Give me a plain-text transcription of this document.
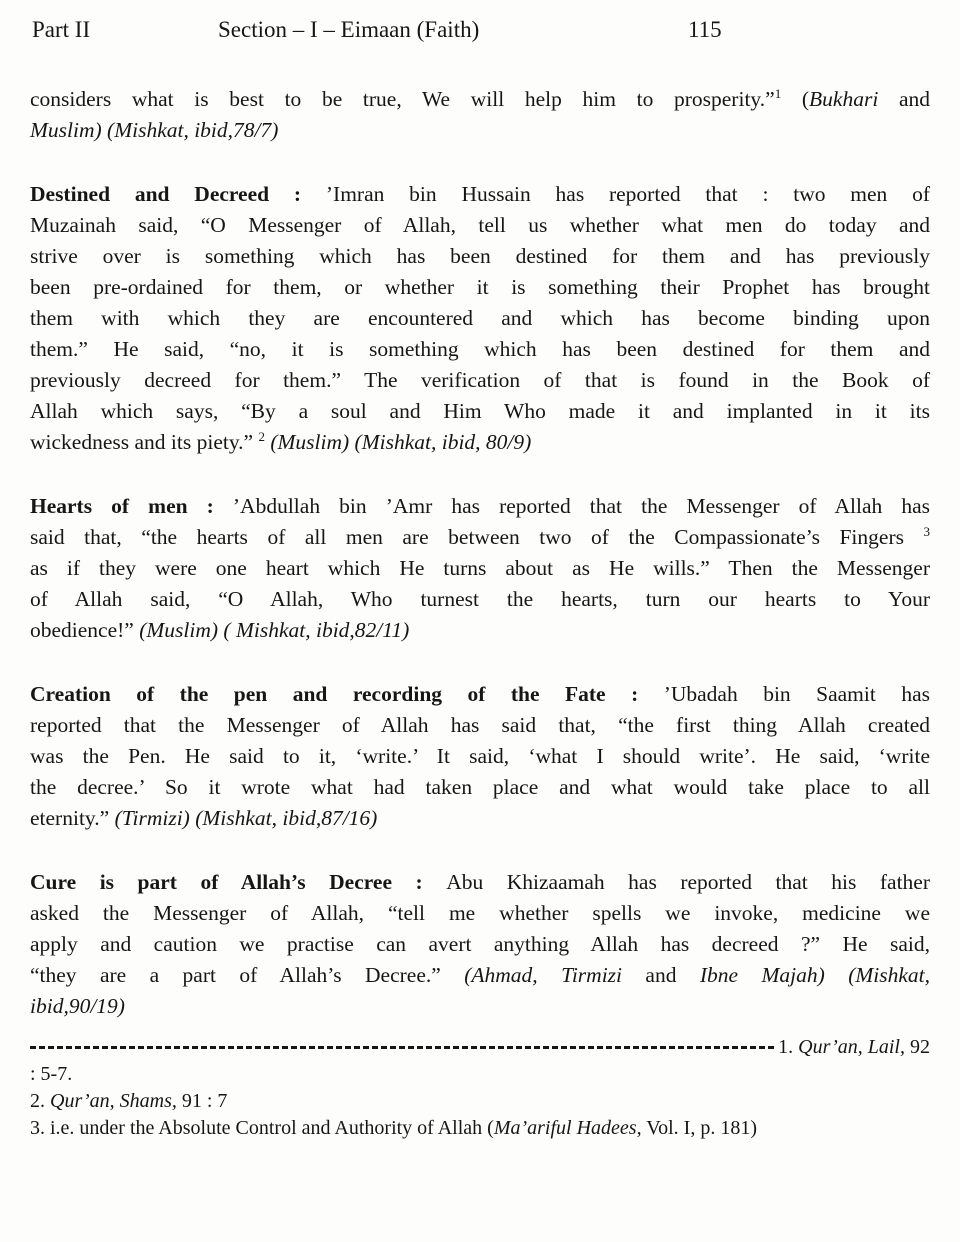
Part II	Section – I – Eimaan (Faith)	115
considers what is best to be true, We will help him to prosperity.”$^1$ (Bukhari and
Muslim) (Mishkat, ibid,78/7)
Destined and Decreed : ’Imran bin Hussain has reported that : two men of
Muzainah said, “O Messenger of Allah, tell us whether what men do today and
strive over is something which has been destined for them and has previously
been pre-ordained for them, or whether it is something their Prophet has brought
them with which they are encountered and which has become binding upon
them.” He said, “no, it is something which has been destined for them and
previously decreed for them.” The verification of that is found in the Book of
Allah which says, “By a soul and Him Who made it and implanted in it its
wickedness and its piety.” $^2$ (Muslim) (Mishkat, ibid, 80/9)
Hearts of men : ’Abdullah bin ’Amr has reported that the Messenger of Allah has
said that, “the hearts of all men are between two of the Compassionate’s Fingers $^3$
as if they were one heart which He turns about as He wills.” Then the Messenger
of Allah said, “O Allah, Who turnest the hearts, turn our hearts to Your
obedience!” (Muslim) ( Mishkat, ibid,82/11)
Creation of the pen and recording of the Fate : ’Ubadah bin Saamit has
reported that the Messenger of Allah has said that, “the first thing Allah created
was the Pen. He said to it, ‘write.’ It said, ‘what I should write’. He said, ‘write
the decree.’ So it wrote what had taken place and what would take place to all
eternity.” (Tirmizi) (Mishkat, ibid,87/16)
Cure is part of Allah’s Decree : Abu Khizaamah has reported that his father
asked the Messenger of Allah, “tell me whether spells we invoke, medicine we
apply and caution we practise can avert anything Allah has decreed ?” He said,
“they are a part of Allah’s Decree.” (Ahmad, Tirmizi and Ibne Majah) (Mishkat,
ibid,90/19)
1. Qur’an, Lail, 92
: 5-7.
2. Qur’an, Shams, 91 : 7
3. i.e. under the Absolute Control and Authority of Allah (Ma’ariful Hadees, Vol. I, p. 181)
